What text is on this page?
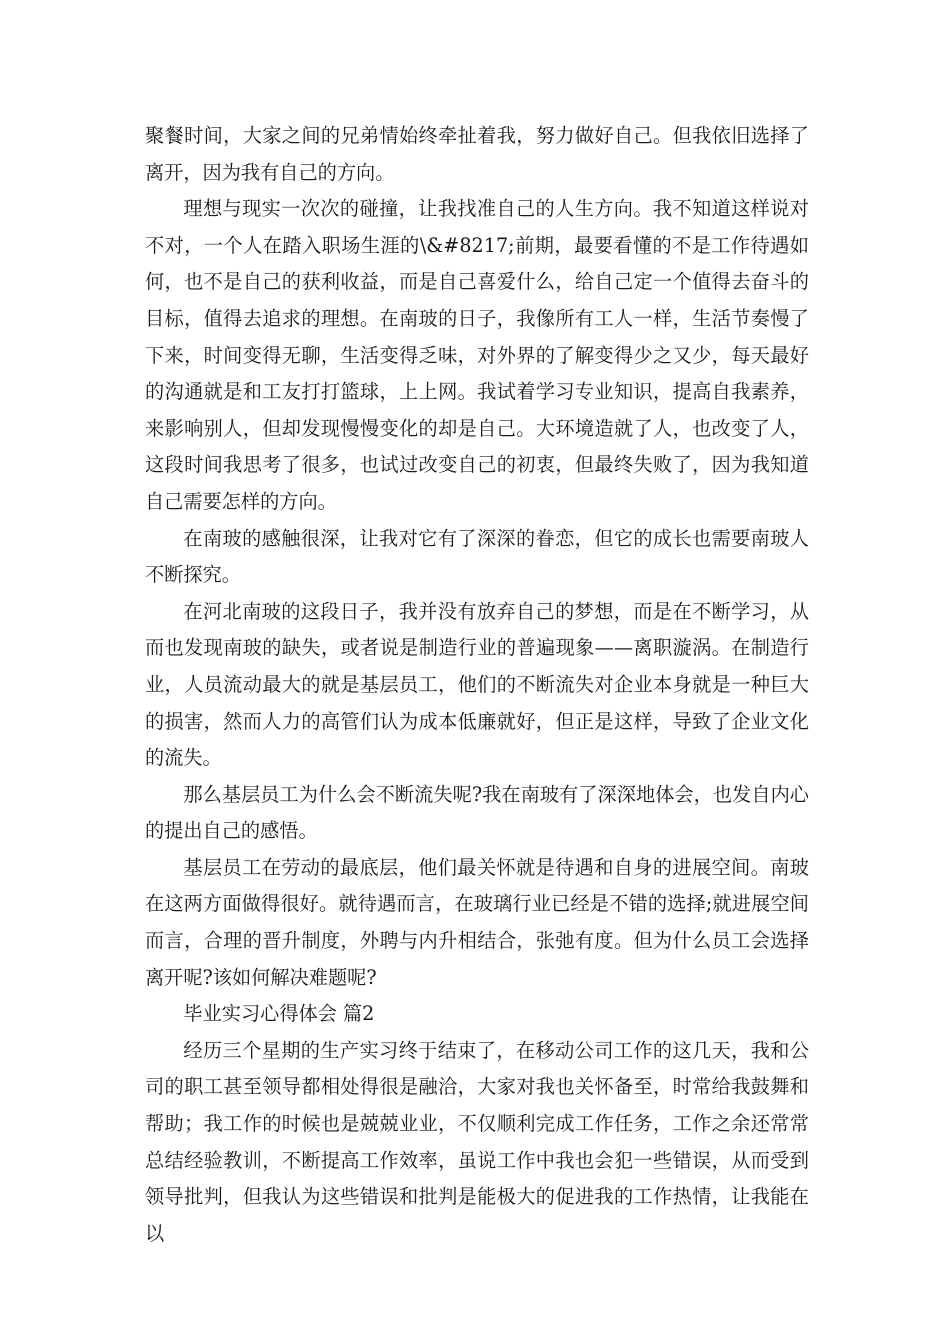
聚餐时间，大家之间的兄弟情始终牵扯着我，努力做好自己。但我依旧选择了离开，因为我有自己的方向。

理想与现实一次次的碰撞，让我找准自己的人生方向。我不知道这样说对不对，一个人在踏入职场生涯的\&#8217;前期，最要看懂的不是工作待遇如何，也不是自己的获利收益，而是自己喜爱什么，给自己定一个值得去奋斗的目标，值得去追求的理想。在南玻的日子，我像所有工人一样，生活节奏慢了下来，时间变得无聊，生活变得乏味，对外界的了解变得少之又少，每天最好的沟通就是和工友打打篮球，上上网。我试着学习专业知识，提高自我素养，来影响别人，但却发现慢慢变化的却是自己。大环境造就了人，也改变了人，这段时间我思考了很多，也试过改变自己的初衷，但最终失败了，因为我知道自己需要怎样的方向。

在南玻的感触很深，让我对它有了深深的眷恋，但它的成长也需要南玻人不断探究。

在河北南玻的这段日子，我并没有放弃自己的梦想，而是在不断学习，从而也发现南玻的缺失，或者说是制造行业的普遍现象——离职漩涡。在制造行业，人员流动最大的就是基层员工，他们的不断流失对企业本身就是一种巨大的损害，然而人力的高管们认为成本低廉就好，但正是这样，导致了企业文化的流失。

那么基层员工为什么会不断流失呢?我在南玻有了深深地体会，也发自内心的提出自己的感悟。

基层员工在劳动的最底层，他们最关怀就是待遇和自身的进展空间。南玻在这两方面做得很好。就待遇而言，在玻璃行业已经是不错的选择;就进展空间而言，合理的晋升制度，外聘与内升相结合，张弛有度。但为什么员工会选择离开呢?该如何解决难题呢?

毕业实习心得体会 篇2

经历三个星期的生产实习终于结束了，在移动公司工作的这几天，我和公司的职工甚至领导都相处得很是融洽，大家对我也关怀备至，时常给我鼓舞和帮助；我工作的时候也是兢兢业业，不仅顺利完成工作任务，工作之余还常常总结经验教训，不断提高工作效率，虽说工作中我也会犯一些错误，从而受到领导批判，但我认为这些错误和批判是能极大的促进我的工作热情，让我能在以
